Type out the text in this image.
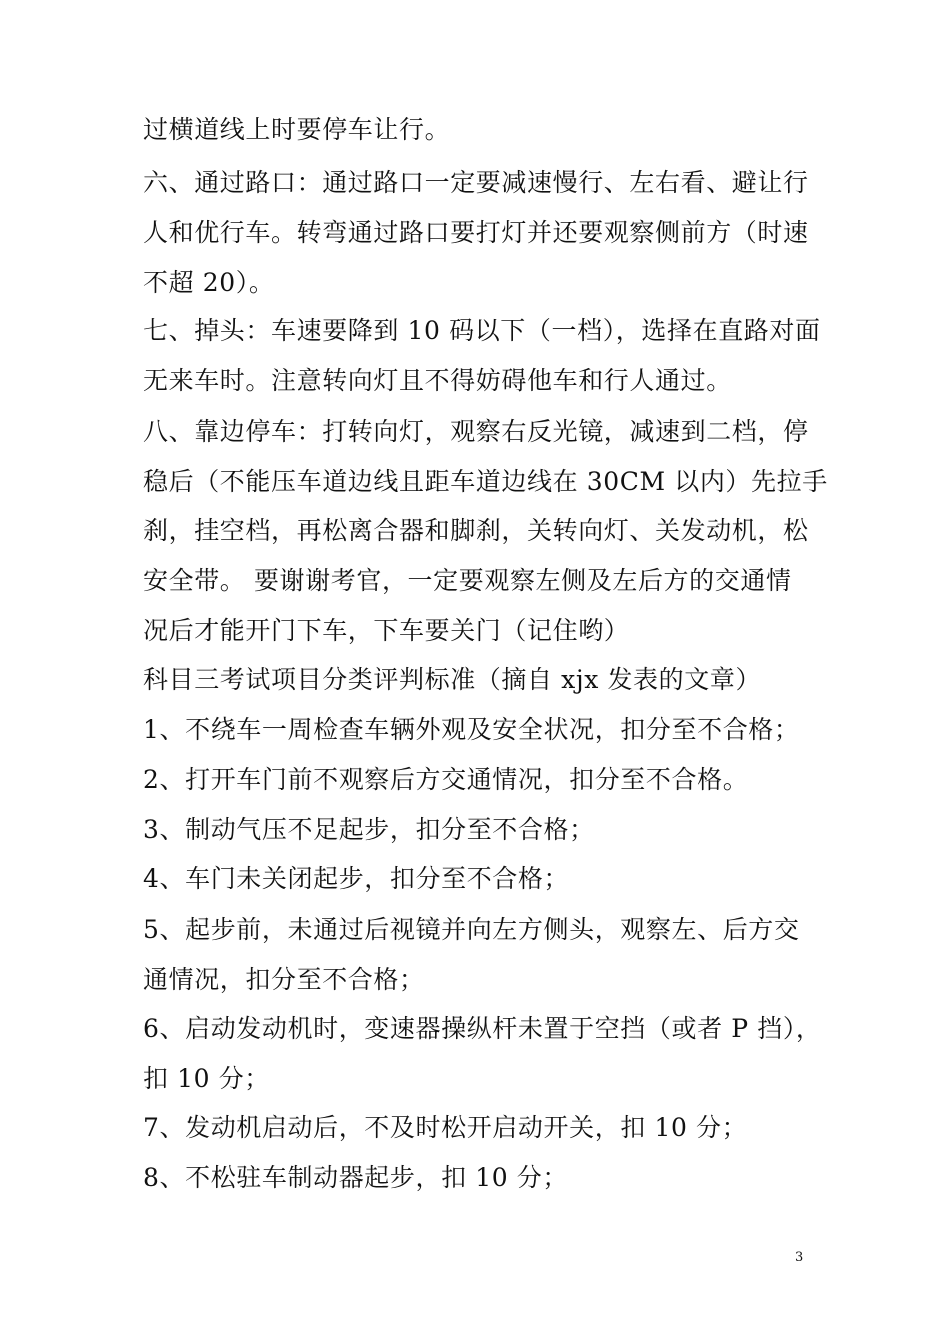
过横道线上时要停车让行。
六、通过路口：通过路口一定要减速慢行、左右看、避让行
人和优行车。转弯通过路口要打灯并还要观察侧前方（时速
不超 20）。
七、掉头：车速要降到 10 码以下（一档），选择在直路对面
无来车时。注意转向灯且不得妨碍他车和行人通过。
八、靠边停车：打转向灯，观察右反光镜，减速到二档，停
稳后（不能压车道边线且距车道边线在 30CM 以内）先拉手
刹，挂空档，再松离合器和脚刹，关转向灯、关发动机，松
安全带。 要谢谢考官，一定要观察左侧及左后方的交通情
况后才能开门下车，下车要关门（记住哟）
科目三考试项目分类评判标准（摘自 xjx 发表的文章）
1、不绕车一周检查车辆外观及安全状况，扣分至不合格；
2、打开车门前不观察后方交通情况，扣分至不合格。
3、制动气压不足起步，扣分至不合格；
4、车门未关闭起步，扣分至不合格；
5、起步前，未通过后视镜并向左方侧头，观察左、后方交
通情况，扣分至不合格；
6、启动发动机时，变速器操纵杆未置于空挡（或者 P 挡），
扣 10 分；
7、发动机启动后，不及时松开启动开关，扣 10 分；
8、不松驻车制动器起步，扣 10 分；
3
